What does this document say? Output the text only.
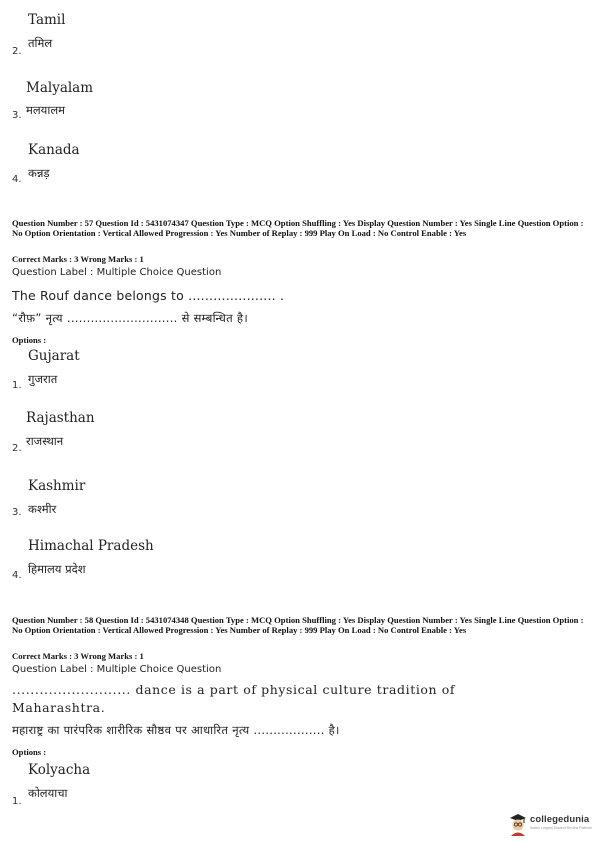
Tamil
तमिल
2.
Malyalam
मलयालम
3.
Kanada
कन्नड़
4.
Question Number : 57 Question Id : 5431074347 Question Type : MCQ Option Shuffling : Yes Display Question Number : Yes Single Line Question Option : No Option Orientation : Vertical Allowed Progression : Yes Number of Replay : 999 Play On Load : No Control Enable : Yes
Correct Marks : 3 Wrong Marks : 1
Question Label : Multiple Choice Question
The Rouf dance belongs to ..................... .
“रौफ़” नृत्य ............................ से सम्बन्धित है।
Options :
Gujarat
गुजरात
1.
Rajasthan
राजस्थान
2.
Kashmir
कश्मीर
3.
Himachal Pradesh
हिमालय प्रदेश
4.
Question Number : 58 Question Id : 5431074348 Question Type : MCQ Option Shuffling : Yes Display Question Number : Yes Single Line Question Option : No Option Orientation : Vertical Allowed Progression : Yes Number of Replay : 999 Play On Load : No Control Enable : Yes
Correct Marks : 3 Wrong Marks : 1
Question Label : Multiple Choice Question
.......................... dance is a part of physical culture tradition of
Maharashtra.
महाराष्ट्र का पारंपरिक शारीरिक सौष्ठव पर आधारित नृत्य .................. है।
Options :
Kolyacha
कोलयाचा
1.
collegedunia
India's Largest Student Review Platform
